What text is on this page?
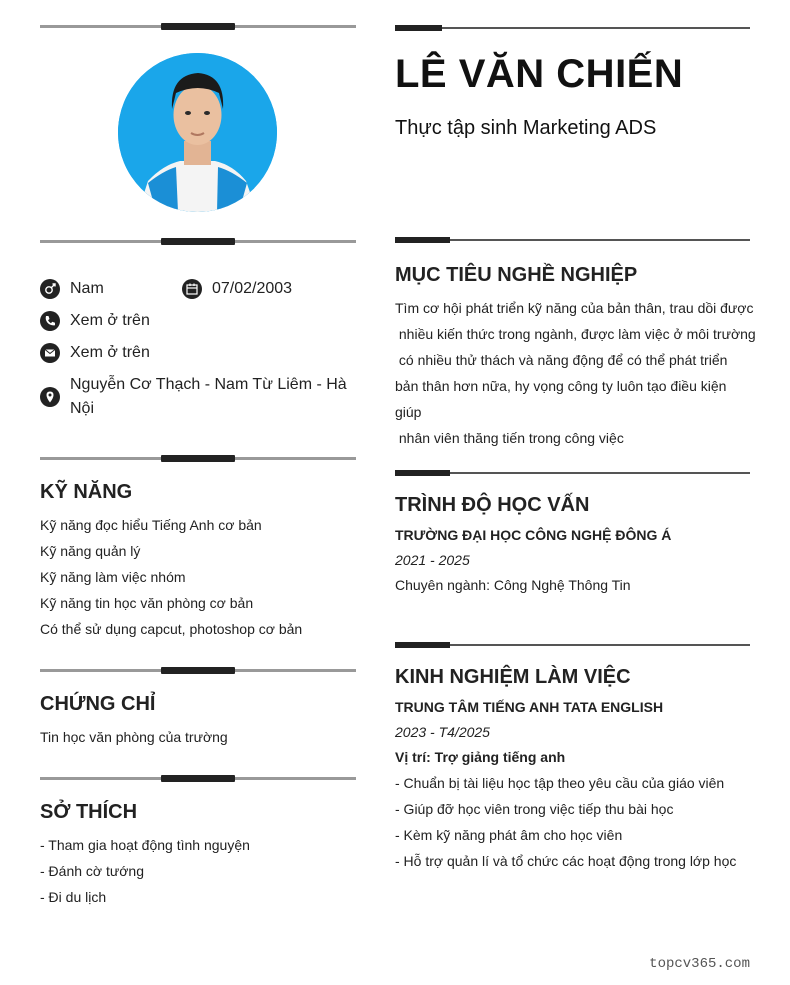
Nam	07/02/2003
Xem ở trên
Xem ở trên
Nguyễn Cơ Thạch - Nam Từ Liêm - Hà
Nội
KỸ NĂNG
Kỹ năng đọc hiểu Tiếng Anh cơ bản
Kỹ năng quản lý
Kỹ năng làm việc nhóm
Kỹ năng tin học văn phòng cơ bản
Có thể sử dụng capcut, photoshop cơ bản
CHỨNG CHỈ
Tin học văn phòng của trường
SỞ THÍCH
- Tham gia hoạt động tình nguyện
- Đánh cờ tướng
- Đi du lịch
LÊ VĂN CHIẾN
Thực tập sinh Marketing ADS
MỤC TIÊU NGHỀ NGHIỆP
Tìm cơ hội phát triển kỹ năng của bản thân, trau dồi được
nhiều kiến thức trong ngành, được làm việc ở môi trường
có nhiều thử thách và năng động để có thể phát triển
bản thân hơn nữa, hy vọng công ty luôn tạo điều kiện
giúp
nhân viên thăng tiến trong công việc
TRÌNH ĐỘ HỌC VẤN
TRƯỜNG ĐẠI HỌC CÔNG NGHỆ ĐÔNG Á
2021 - 2025
Chuyên ngành: Công Nghệ Thông Tin
KINH NGHIỆM LÀM VIỆC
TRUNG TÂM TIẾNG ANH TATA ENGLISH
2023 - T4/2025
Vị trí: Trợ giảng tiếng anh
- Chuẩn bị tài liệu học tập theo yêu cầu của giáo viên
- Giúp đỡ học viên trong việc tiếp thu bài học
- Kèm kỹ năng phát âm cho học viên
- Hỗ trợ quản lí và tổ chức các hoạt động trong lớp học
topcv365.com
